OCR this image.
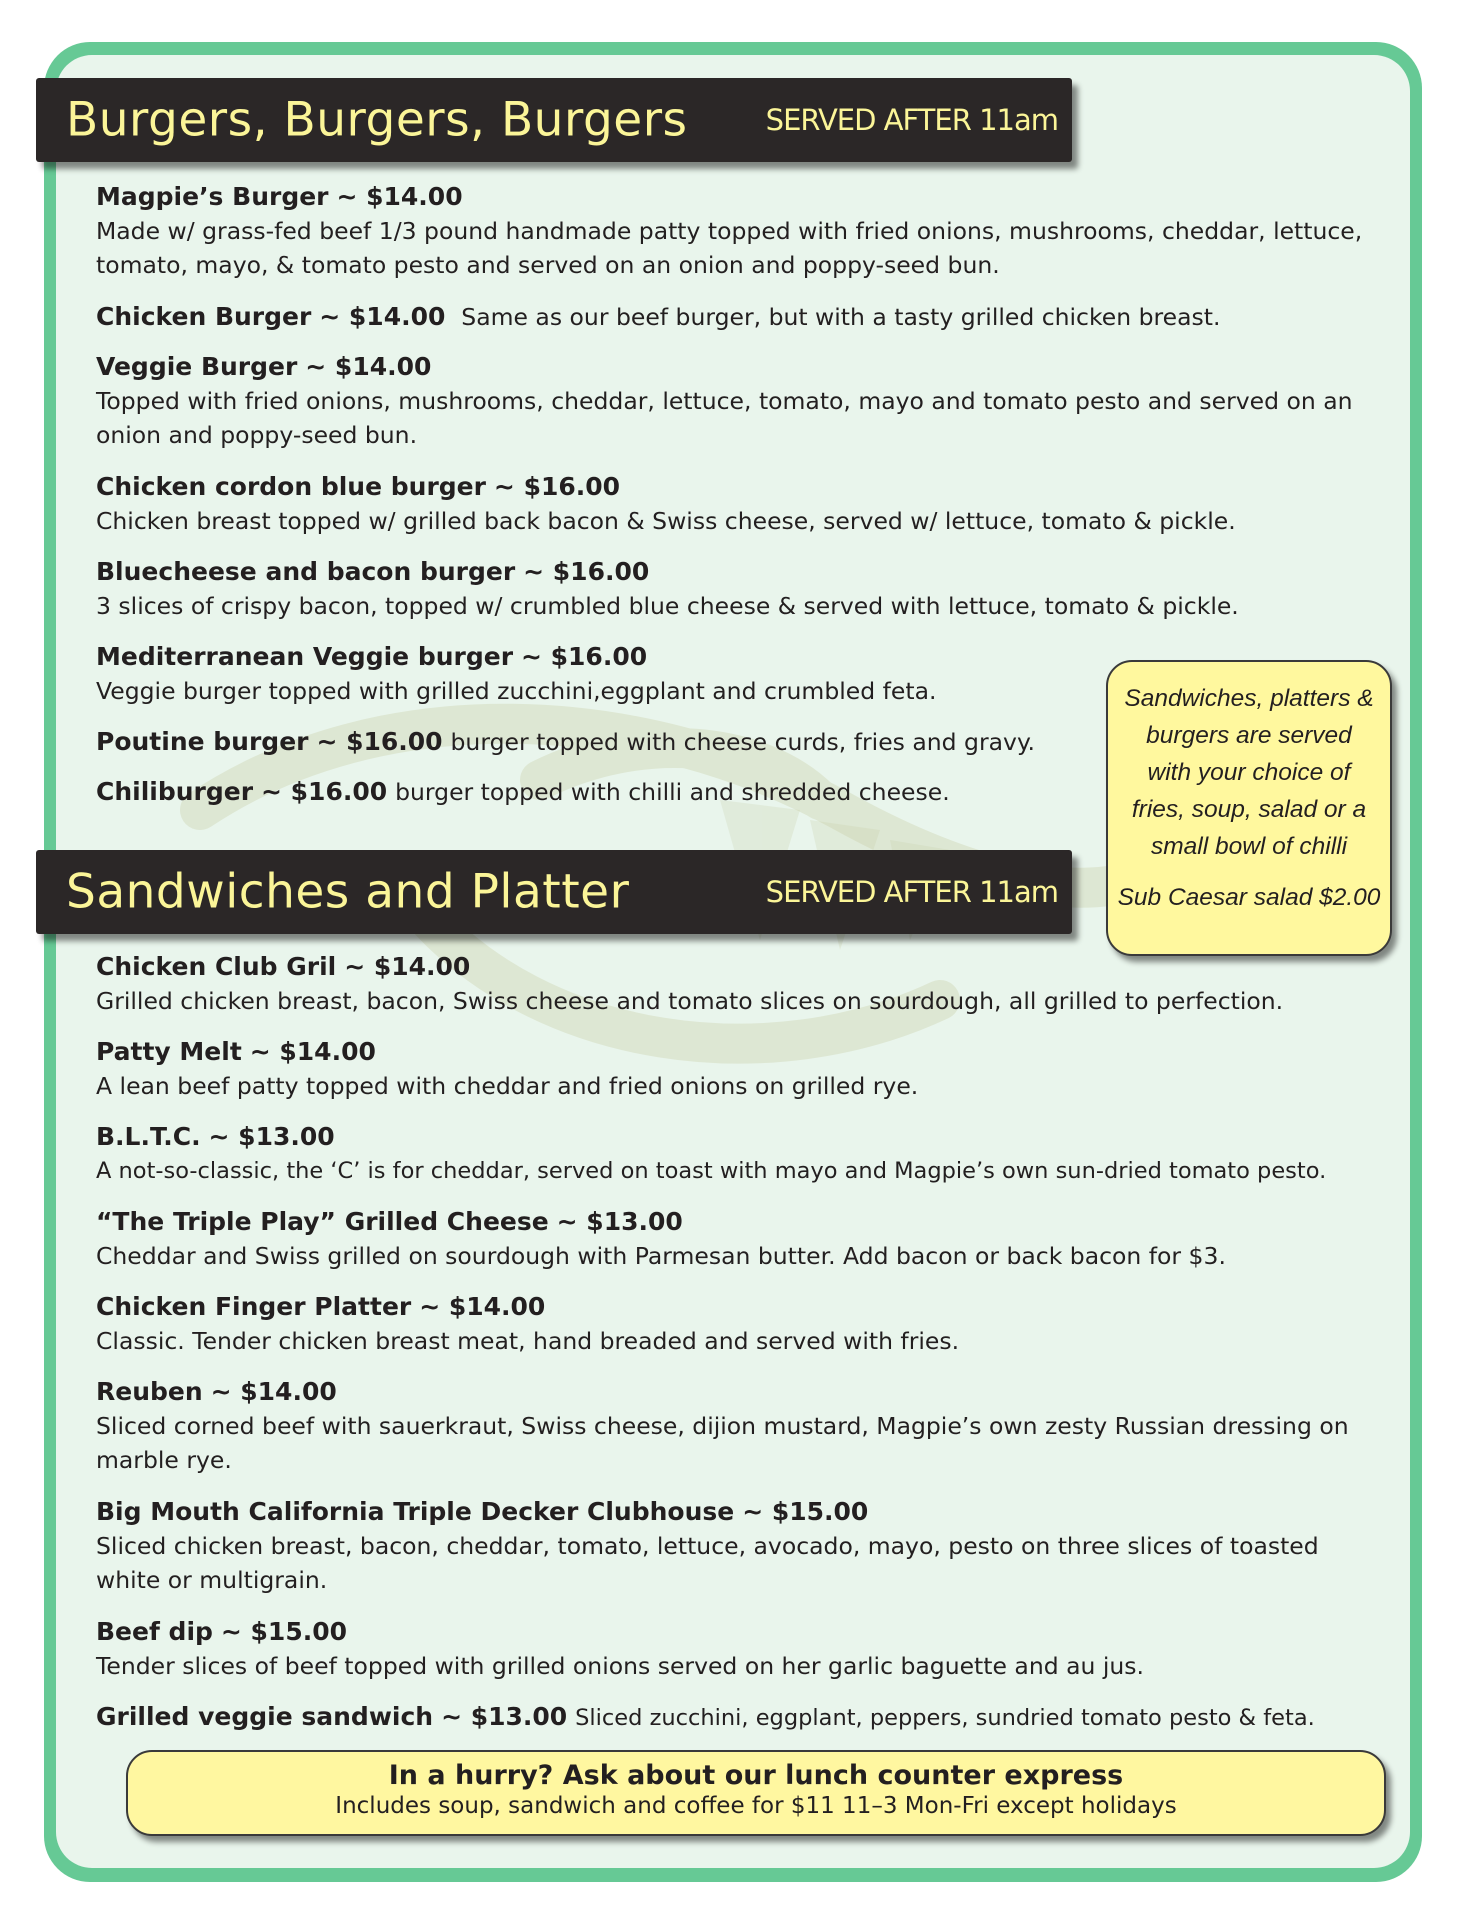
Burgers, Burgers, Burgers	SERVED AFTER 11am
Magpie’s Burger ~ $14.00
Made w/ grass-fed beef 1/3 pound handmade patty topped with fried onions, mushrooms, cheddar, lettuce, tomato, mayo, & tomato pesto and served on an onion and poppy-seed bun.
Chicken Burger ~ $14.00 Same as our beef burger, but with a tasty grilled chicken breast.
Veggie Burger ~ $14.00
Topped with fried onions, mushrooms, cheddar, lettuce, tomato, mayo and tomato pesto and served on an onion and poppy-seed bun.
Chicken cordon blue burger ~ $16.00
Chicken breast topped w/ grilled back bacon & Swiss cheese, served w/ lettuce, tomato & pickle.
Bluecheese and bacon burger ~ $16.00
3 slices of crispy bacon, topped w/ crumbled blue cheese & served with lettuce, tomato & pickle.
Mediterranean Veggie burger ~ $16.00
Veggie burger topped with grilled zucchini,eggplant and crumbled feta.
Poutine burger ~ $16.00 burger topped with cheese curds, fries and gravy.
Chiliburger ~ $16.00 burger topped with chilli and shredded cheese.
Sandwiches, platters & burgers are served with your choice of fries, soup, salad or a small bowl of chilli
Sub Caesar salad $2.00
Sandwiches and Platter	SERVED AFTER 11am
Chicken Club Gril ~ $14.00
Grilled chicken breast, bacon, Swiss cheese and tomato slices on sourdough, all grilled to perfection.
Patty Melt ~ $14.00
A lean beef patty topped with cheddar and fried onions on grilled rye.
B.L.T.C. ~ $13.00
A not-so-classic, the ‘C’ is for cheddar, served on toast with mayo and Magpie’s own sun-dried tomato pesto.
“The Triple Play” Grilled Cheese ~ $13.00
Cheddar and Swiss grilled on sourdough with Parmesan butter. Add bacon or back bacon for $3.
Chicken Finger Platter ~ $14.00
Classic. Tender chicken breast meat, hand breaded and served with fries.
Reuben ~ $14.00
Sliced corned beef with sauerkraut, Swiss cheese, dijion mustard, Magpie’s own zesty Russian dressing on marble rye.
Big Mouth California Triple Decker Clubhouse ~ $15.00
Sliced chicken breast, bacon, cheddar, tomato, lettuce, avocado, mayo, pesto on three slices of toasted white or multigrain.
Beef dip ~ $15.00
Tender slices of beef topped with grilled onions served on her garlic baguette and au jus.
Grilled veggie sandwich ~ $13.00 Sliced zucchini, eggplant, peppers, sundried tomato pesto & feta.
In a hurry? Ask about our lunch counter express
Includes soup, sandwich and coffee for $11 11–3 Mon-Fri except holidays
